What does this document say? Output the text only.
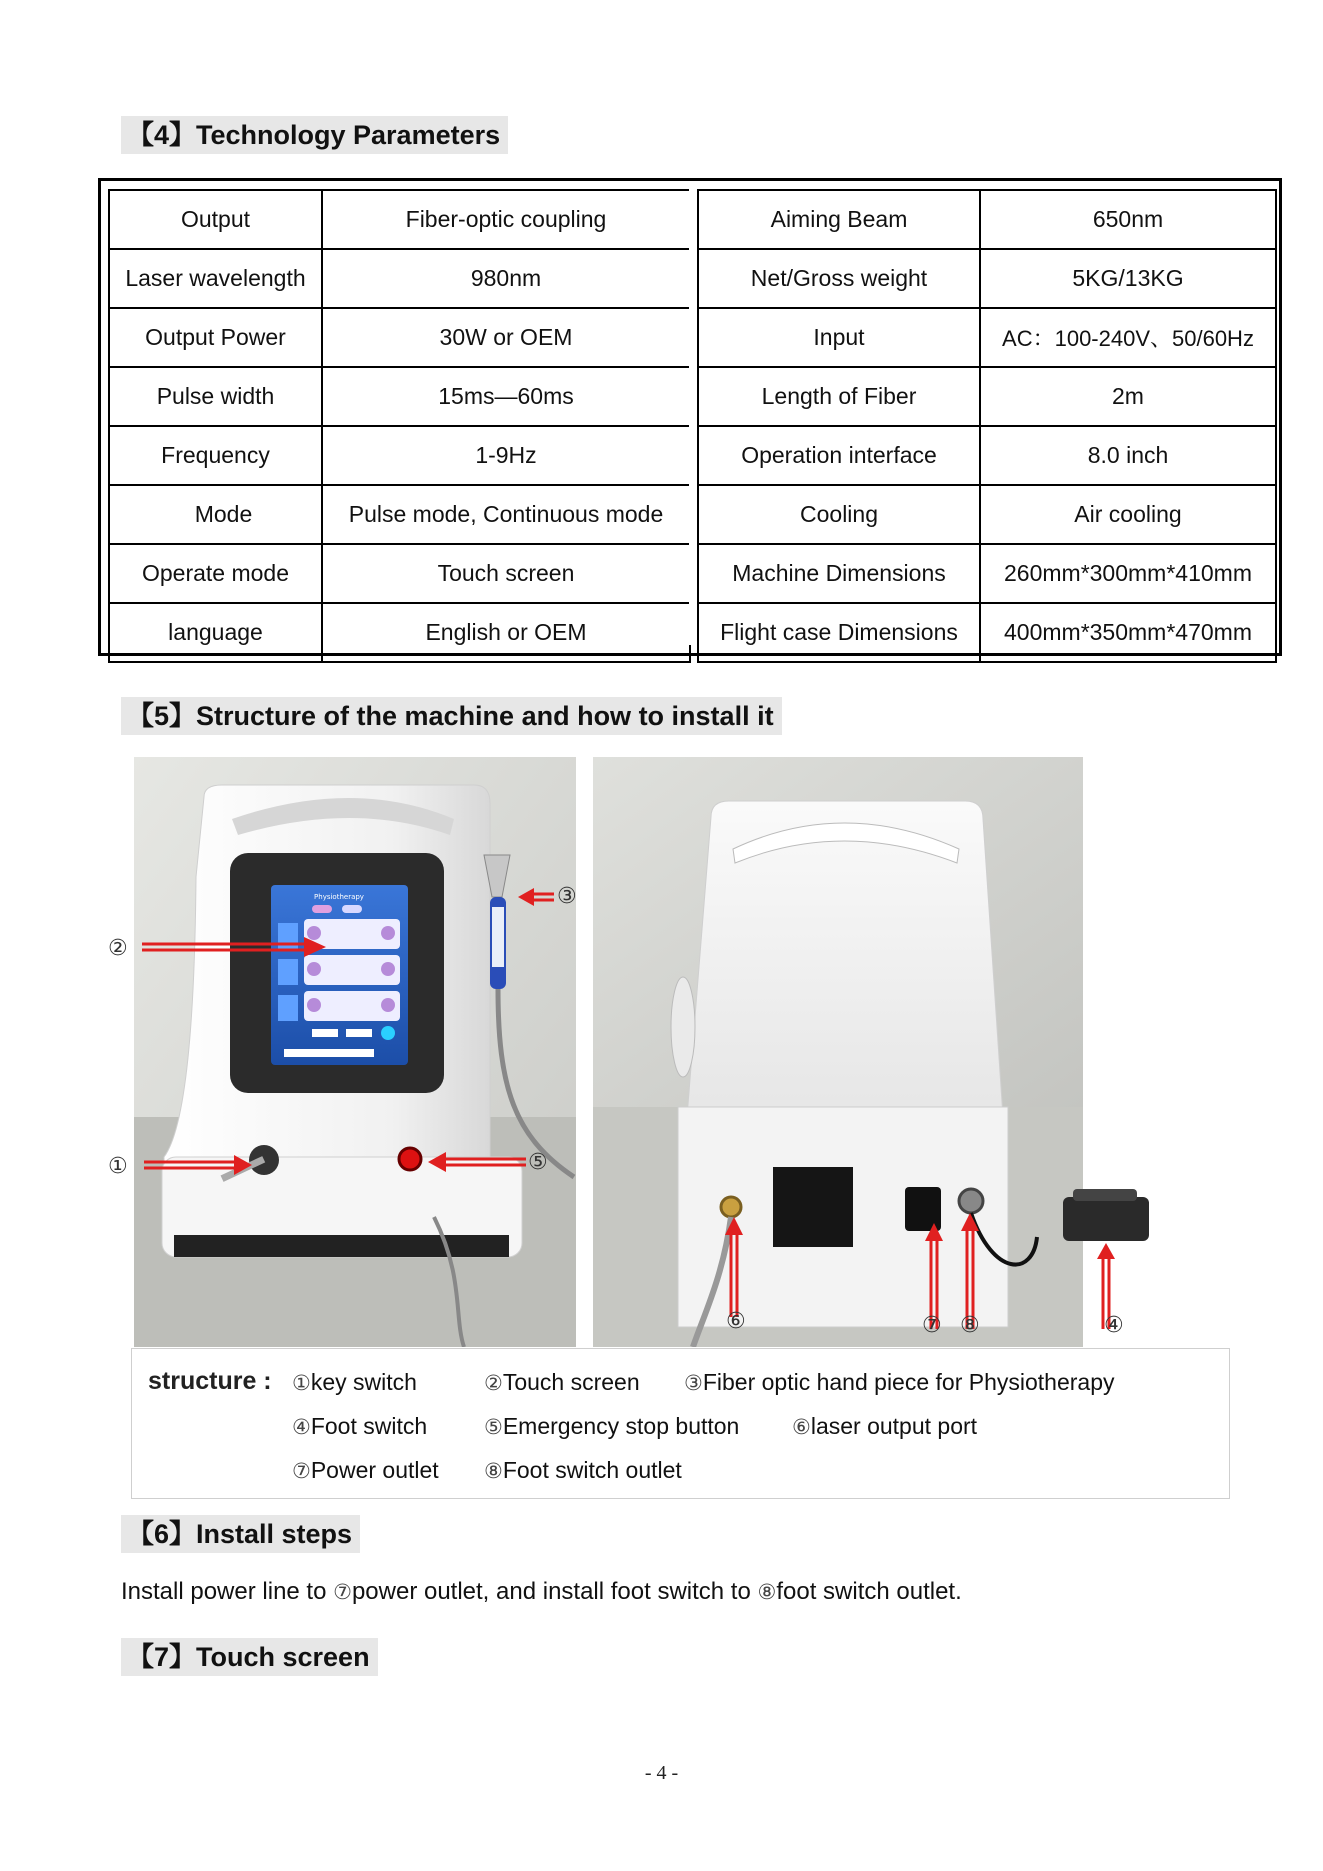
【4】Technology Parameters
Output	Fiber-optic coupling
Laser wavelength	980nm
Output Power	30W or OEM
Pulse width	15ms—60ms
Frequency	1-9Hz
Mode	Pulse mode, Continuous mode
Operate mode	Touch screen
language	English or OEM
Aiming Beam	650nm
Net/Gross weight	5KG/13KG
Input	AC：100-240V、50/60Hz
Length of Fiber	2m
Operation interface	8.0 inch
Cooling	Air cooling
Machine Dimensions	260mm*300mm*410mm
Flight case Dimensions	400mm*350mm*470mm
【5】Structure of the machine and how to install it
Physiotherapy
②
①
③
⑤
⑥	⑦ ⑧	④
structure : ①key switch	②Touch screen ③Fiber optic hand piece for Physiotherapy
④Foot switch	⑤Emergency stop button	⑥laser output port
⑦Power outlet ⑧Foot switch outlet
【6】Install steps
Install power line to ⑦power outlet, and install foot switch to ⑧foot switch outlet.
【7】Touch screen
- 4 -
